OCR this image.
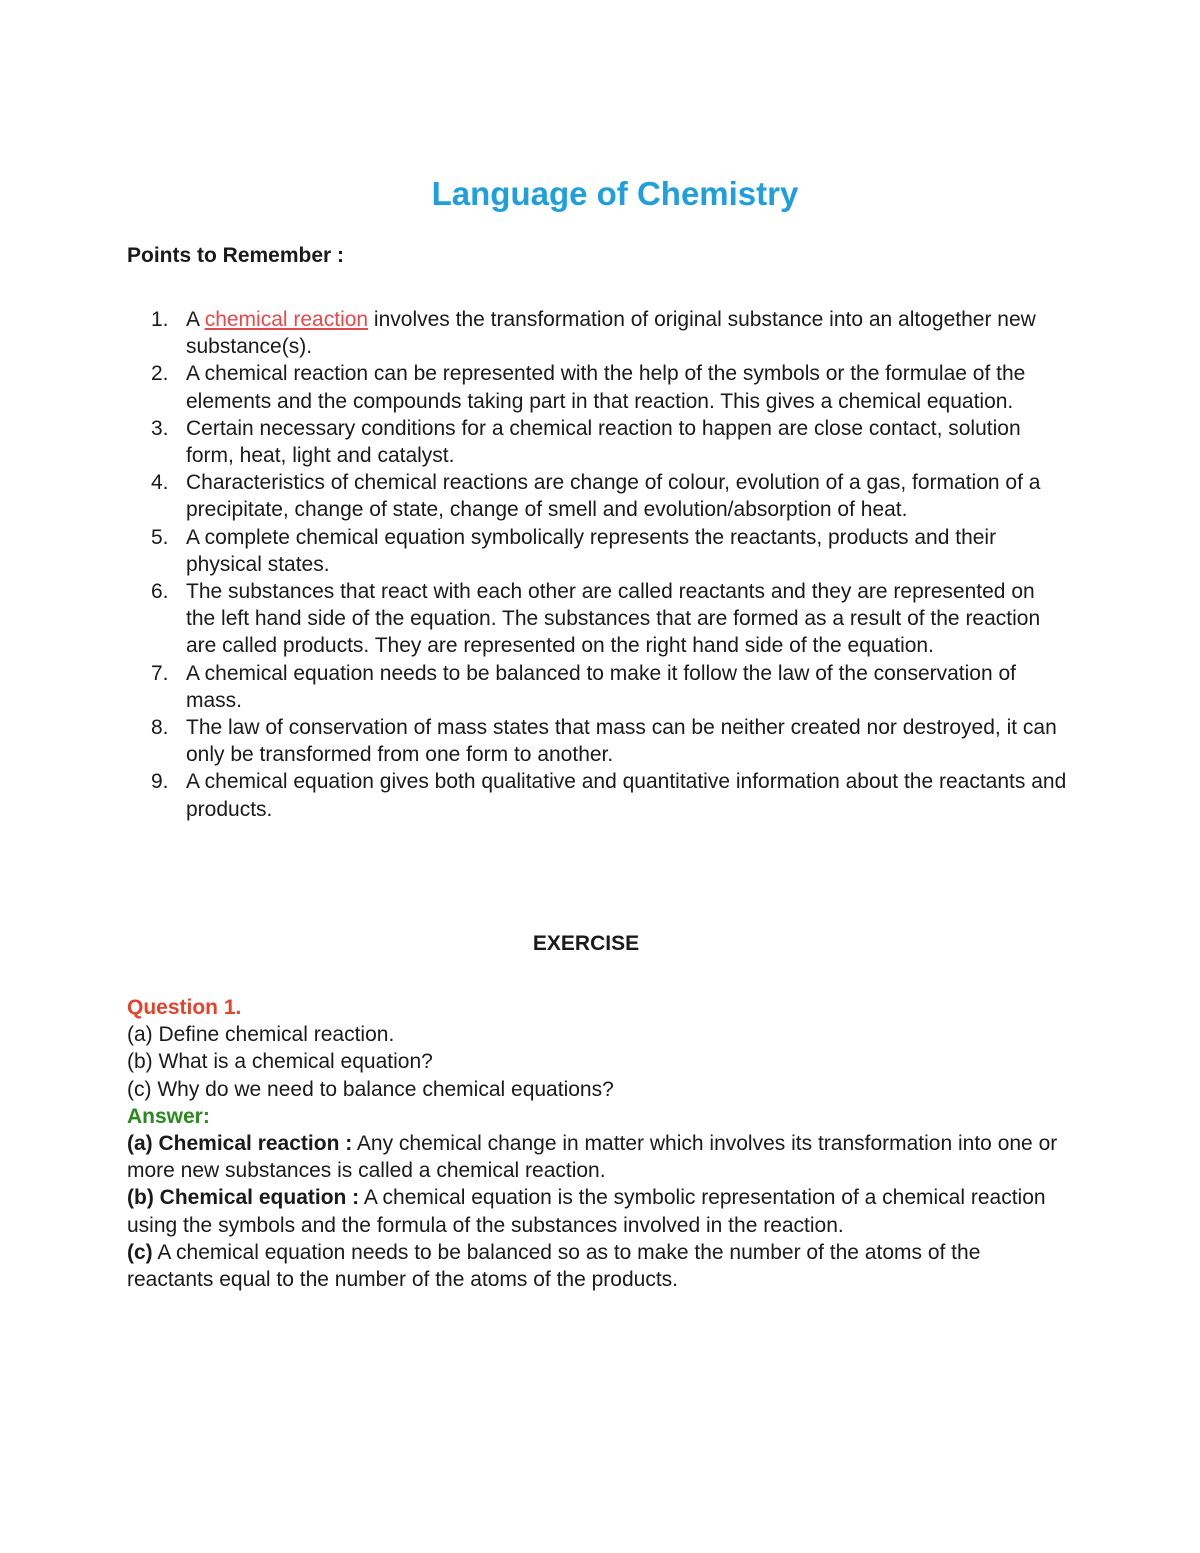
Language of Chemistry

Points to Remember :

1. A chemical reaction involves the transformation of original substance into an altogether new substance(s).
2. A chemical reaction can be represented with the help of the symbols or the formulae of the elements and the compounds taking part in that reaction. This gives a chemical equation.
3. Certain necessary conditions for a chemical reaction to happen are close contact, solution form, heat, light and catalyst.
4. Characteristics of chemical reactions are change of colour, evolution of a gas, formation of a precipitate, change of state, change of smell and evolution/absorption of heat.
5. A complete chemical equation symbolically represents the reactants, products and their physical states.
6. The substances that react with each other are called reactants and they are represented on the left hand side of the equation. The substances that are formed as a result of the reaction are called products. They are represented on the right hand side of the equation.
7. A chemical equation needs to be balanced to make it follow the law of the conservation of mass.
8. The law of conservation of mass states that mass can be neither created nor destroyed, it can only be transformed from one form to another.
9. A chemical equation gives both qualitative and quantitative information about the reactants and products.

EXERCISE

Question 1.

(a) Define chemical reaction.

(b) What is a chemical equation?

(c) Why do we need to balance chemical equations?

Answer:

(a) Chemical reaction : Any chemical change in matter which involves its transformation into one or more new substances is called a chemical reaction.

(b) Chemical equation : A chemical equation is the symbolic representation of a chemical reaction using the symbols and the formula of the substances involved in the reaction.

(c) A chemical equation needs to be balanced so as to make the number of the atoms of the reactants equal to the number of the atoms of the products.
